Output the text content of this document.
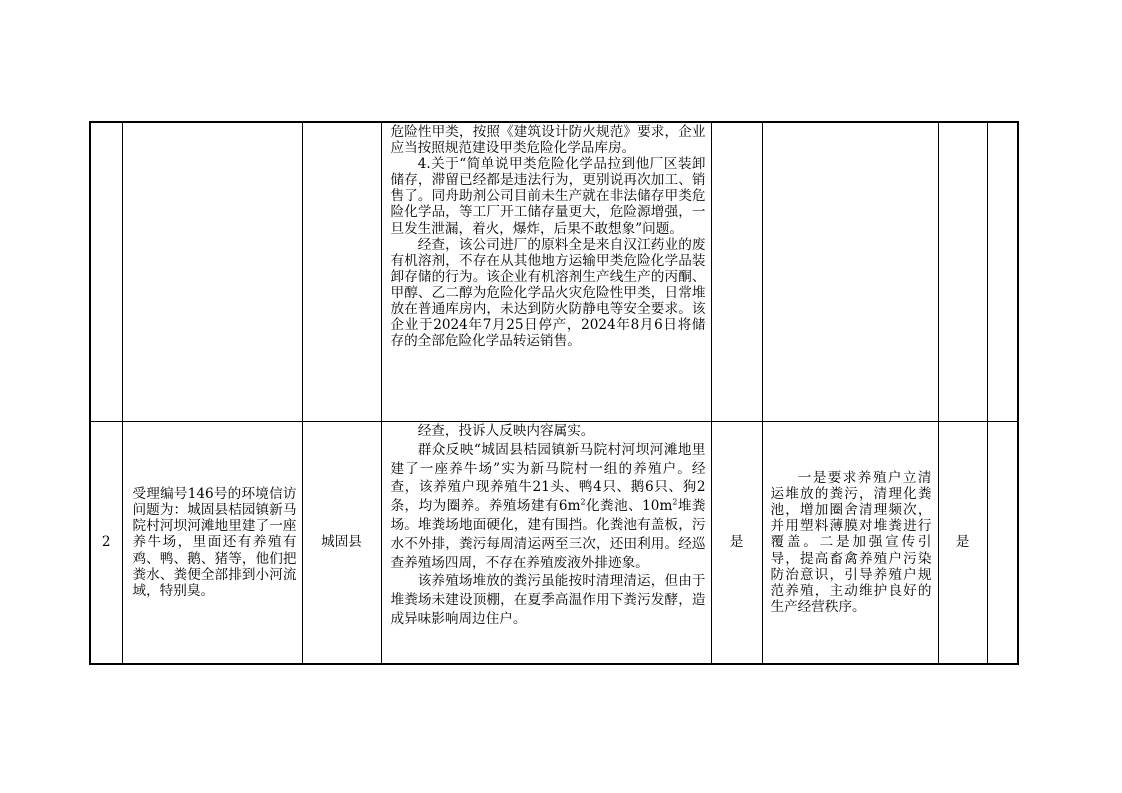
			危险性甲类，按照《建筑设计防火规范》要求，企业应当按照规范建设甲类危险化学品库房。

4.关于“简单说甲类危险化学品拉到他厂区装卸储存，滞留已经都是违法行为，更别说再次加工、销售了。同舟助剂公司目前未生产就在非法储存甲类危险化学品，等工厂开工储存量更大，危险源增强，一旦发生泄漏，着火，爆炸，后果不敢想象”问题。

经查，该公司进厂的原料全是来自汉江药业的废有机溶剂，不存在从其他地方运输甲类危险化学品装卸存储的行为。该企业有机溶剂生产线生产的丙酮、甲醇、乙二醇为危险化学品火灾危险性甲类，日常堆放在普通库房内，未达到防火防静电等安全要求。该企业于2024年7月25日停产，2024年8月6日将储存的全部危险化学品转运销售。				

2	受理编号146号的环境信访问题为：城固县桔园镇新马院村河坝河滩地里建了一座养牛场，里面还有养殖有鸡、鸭、鹅、猪等，他们把粪水、粪便全部排到小河流域，特别臭。	城固县	经查，投诉人反映内容属实。

群众反映“城固县桔园镇新马院村河坝河滩地里建了一座养牛场”实为新马院村一组的养殖户。经查，该养殖户现养殖牛21头、鸭4只、鹅6只、狗2条，均为圈养。养殖场建有$6m^2$化粪池、$10m^2$堆粪场。堆粪场地面硬化，建有围挡。化粪池有盖板，污水不外排，粪污每周清运两至三次，还田利用。经巡查养殖场四周，不存在养殖废液外排迹象。

该养殖场堆放的粪污虽能按时清理清运，但由于堆粪场未建设顶棚，在夏季高温作用下粪污发酵，造成异味影响周边住户。	是	一是要求养殖户立清运堆放的粪污，清理化粪池，增加圈舍清理频次，并用塑料薄膜对堆粪进行覆盖。二是加强宣传引导，提高畜禽养殖户污染防治意识，引导养殖户规范养殖，主动维护良好的生产经营秩序。	是	
